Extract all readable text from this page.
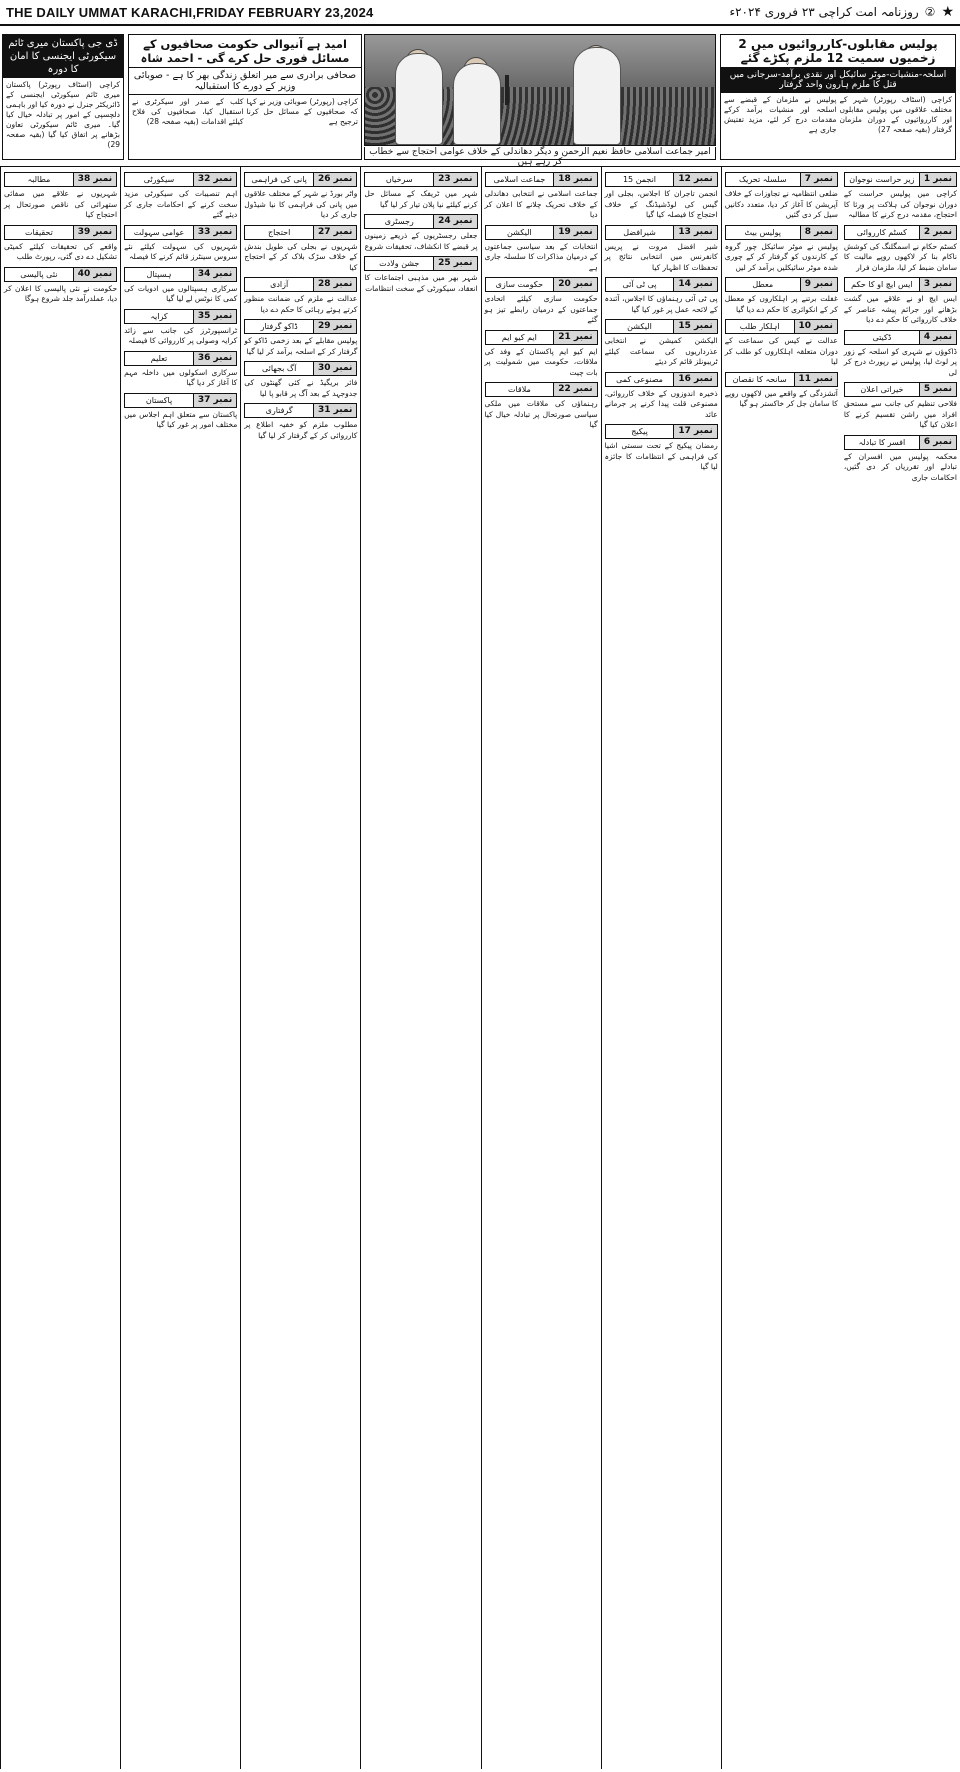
THE DAILY UMMAT KARACHI,FRIDAY FEBRUARY 23,2024	★
②
روزنامہ امت کراچی ۲۳ فروری ۲۰۲۴ء
ڈی جی پاکستان میری ٹائم سیکورٹی ایجنسی کا امان کا دورہ
کراچی (اسٹاف رپورٹر) پاکستان میری ٹائم سیکورٹی ایجنسی کے ڈائریکٹر جنرل نے دورہ کیا اور باہمی دلچسپی کے امور پر تبادلہ خیال کیا گیا۔ میری ٹائم سیکورٹی تعاون بڑھانے پر اتفاق کیا گیا (بقیہ صفحہ 29)
امید ہے آنیوالی حکومت صحافیوں کے مسائل فوری حل کرے گی - احمد شاہ
صحافی برادری سے میر اتعلق زندگی بھر کا ہے - صوبائی وزیر کے دورے کا استقبالیہ
کراچی (رپورٹر) صوبائی وزیر نے کہا کہ صحافیوں کے مسائل حل کرنا ترجیح ہے
کلب کے صدر اور سیکرٹری نے استقبال کیا، صحافیوں کی فلاح کیلئے اقدامات (بقیہ صفحہ 28)
امیر جماعت اسلامی حافظ نعیم الرحمن و دیگر دھاندلی کے خلاف عوامی احتجاج سے خطاب کر رہے ہیں
پولیس مقابلوں-کارروائیوں میں 2 زخمیوں سمیت 12 ملزم پکڑے گئے
اسلحہ-منشیات-موٹر سائیکل اور نقدی برآمد-سرجانی میں قتل کا ملزم ہارون واحد گرفتار
کراچی (اسٹاف رپورٹر) شہر کے مختلف علاقوں میں پولیس مقابلوں اور کارروائیوں کے دوران ملزمان گرفتار (بقیہ صفحہ 27)
پولیس نے ملزمان کے قبضے سے اسلحہ اور منشیات برآمد کرکے مقدمات درج کر لئے، مزید تفتیش جاری ہے
نمبر 38
مطالبہ
شہریوں نے علاقے میں صفائی ستھرائی کی ناقص صورتحال پر احتجاج کیا
نمبر 39
تحقیقات
واقعے کی تحقیقات کیلئے کمیٹی تشکیل دے دی گئی، رپورٹ طلب
نمبر 40
نئی پالیسی
حکومت نے نئی پالیسی کا اعلان کر دیا، عملدرآمد جلد شروع ہوگا
نمبر 32
سیکورٹی
اہم تنصیبات کی سیکورٹی مزید سخت کرنے کے احکامات جاری کر دیئے گئے
نمبر 33
عوامی سہولت
شہریوں کی سہولت کیلئے نئے سروس سینٹرز قائم کرنے کا فیصلہ
نمبر 34
ہسپتال
سرکاری ہسپتالوں میں ادویات کی کمی کا نوٹس لے لیا گیا
نمبر 35
کرایہ
ٹرانسپورٹرز کی جانب سے زائد کرایہ وصولی پر کارروائی کا فیصلہ
نمبر 36
تعلیم
سرکاری اسکولوں میں داخلہ مہم کا آغاز کر دیا گیا
نمبر 37
پاکستان
پاکستان سے متعلق اہم اجلاس میں مختلف امور پر غور کیا گیا
نمبر 26
پانی کی فراہمی
واٹر بورڈ نے شہر کے مختلف علاقوں میں پانی کی فراہمی کا نیا شیڈول جاری کر دیا
نمبر 27
احتجاج
شہریوں نے بجلی کی طویل بندش کے خلاف سڑک بلاک کر کے احتجاج کیا
نمبر 28
آزادی
عدالت نے ملزم کی ضمانت منظور کرتے ہوئے رہائی کا حکم دے دیا
نمبر 29
ڈاکو گرفتار
پولیس مقابلے کے بعد زخمی ڈاکو کو گرفتار کر کے اسلحہ برآمد کر لیا گیا
نمبر 30
آگ بجھائی
فائر بریگیڈ نے کئی گھنٹوں کی جدوجہد کے بعد آگ پر قابو پا لیا
نمبر 31
گرفتاری
مطلوب ملزم کو خفیہ اطلاع پر کارروائی کر کے گرفتار کر لیا گیا
نمبر 23
سرخیاں
شہر میں ٹریفک کے مسائل حل کرنے کیلئے نیا پلان تیار کر لیا گیا
نمبر 24
رجسٹری
جعلی رجسٹریوں کے ذریعے زمینوں پر قبضے کا انکشاف، تحقیقات شروع
نمبر 25
جشن ولادت
شہر بھر میں مذہبی اجتماعات کا انعقاد، سیکورٹی کے سخت انتظامات
نمبر 18
جماعت اسلامی
جماعت اسلامی نے انتخابی دھاندلی کے خلاف تحریک چلانے کا اعلان کر دیا
نمبر 19
الیکشن
انتخابات کے بعد سیاسی جماعتوں کے درمیان مذاکرات کا سلسلہ جاری ہے
نمبر 20
حکومت سازی
حکومت سازی کیلئے اتحادی جماعتوں کے درمیان رابطے تیز ہو گئے
نمبر 21
ایم کیو ایم
ایم کیو ایم پاکستان کے وفد کی ملاقات، حکومت میں شمولیت پر بات چیت
نمبر 22
ملاقات
رہنماؤں کی ملاقات میں ملکی سیاسی صورتحال پر تبادلہ خیال کیا گیا
نمبر 12
انجمن 15
انجمن تاجران کا اجلاس، بجلی اور گیس کی لوڈشیڈنگ کے خلاف احتجاج کا فیصلہ کیا گیا
نمبر 13
شیرافضل
شیر افضل مروت نے پریس کانفرنس میں انتخابی نتائج پر تحفظات کا اظہار کیا
نمبر 14
پی ٹی آئی
پی ٹی آئی رہنماؤں کا اجلاس، آئندہ کے لائحہ عمل پر غور کیا گیا
نمبر 15
الیکشن
الیکشن کمیشن نے انتخابی عذرداریوں کی سماعت کیلئے ٹریبونلز قائم کر دیئے
نمبر 16
مصنوعی کمی
ذخیرہ اندوزوں کے خلاف کارروائی، مصنوعی قلت پیدا کرنے پر جرمانے عائد
نمبر 17
پیکیج
رمضان پیکیج کے تحت سستی اشیا کی فراہمی کے انتظامات کا جائزہ لیا گیا
نمبر 7
سلسلہ تحریک
ضلعی انتظامیہ نے تجاوزات کے خلاف آپریشن کا آغاز کر دیا، متعدد دکانیں سیل کر دی گئیں
نمبر 8
پولیس بیٹ
پولیس نے موٹر سائیکل چور گروہ کے کارندوں کو گرفتار کر کے چوری شدہ موٹر سائیکلیں برآمد کر لیں
نمبر 9
معطل
غفلت برتنے پر اہلکاروں کو معطل کر کے انکوائری کا حکم دے دیا گیا
نمبر 10
اہلکار طلب
عدالت نے کیس کی سماعت کے دوران متعلقہ اہلکاروں کو طلب کر لیا
نمبر 11
سانحہ کا نقصان
آتشزدگی کے واقعے میں لاکھوں روپے کا سامان جل کر خاکستر ہو گیا
نمبر 1
زیر حراست نوجوان
کراچی میں پولیس حراست کے دوران نوجوان کی ہلاکت پر ورثا کا احتجاج، مقدمہ درج کرنے کا مطالبہ
نمبر 2
کسٹم کارروائی
کسٹم حکام نے اسمگلنگ کی کوشش ناکام بنا کر لاکھوں روپے مالیت کا سامان ضبط کر لیا، ملزمان فرار
نمبر 3
ایس ایچ او کا حکم
ایس ایچ او نے علاقے میں گشت بڑھانے اور جرائم پیشہ عناصر کے خلاف کارروائی کا حکم دے دیا
نمبر 4
ڈکیتی
ڈاکوؤں نے شہری کو اسلحہ کے زور پر لوٹ لیا، پولیس نے رپورٹ درج کر لی
نمبر 5
خیراتی اعلان
فلاحی تنظیم کی جانب سے مستحق افراد میں راشن تقسیم کرنے کا اعلان کیا گیا
نمبر 6
افسر کا تبادلہ
محکمہ پولیس میں افسران کے تبادلے اور تقرریاں کر دی گئیں، احکامات جاری
